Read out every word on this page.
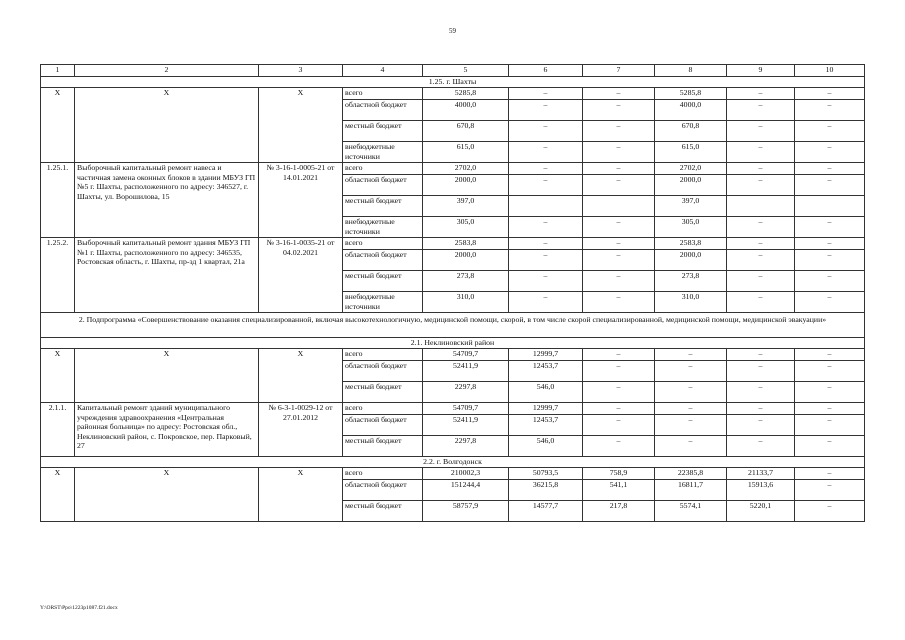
59
1	2	3	4	5	6	7	8	9	10
1.25. г. Шахты									
Х	Х	Х	всего	5285,8	–	–	5285,8	–	–
			областной бюджет	4000,0	–	–	4000,0	–	–
			местный бюджет	670,8	–	–	670,8	–	–
			внебюджетные источники	615,0	–	–	615,0	–	–
1.25.1.	Выборочный капитальный ремонт навеса и частичная замена оконных блоков в здании МБУЗ ГП №5 г. Шахты, расположенного по адресу: 346527, г. Шахты, ул. Ворошилова, 15	№ 3-16-1-0005-21 от 14.01.2021	всего	2702,0	–	–	2702,0	–	–
			областной бюджет	2000,0	–	–	2000,0	–	–
			местный бюджет	397,0			397,0		
			внебюджетные источники	305,0	–	–	305,0	–	–
1.25.2.	Выборочный капитальный ремонт здания МБУЗ ГП №1 г. Шахты, расположенного по адресу: 346535, Ростовская область, г. Шахты, пр-зд 1 квартал, 21а	№ 3-16-1-0035-21 от 04.02.2021	всего	2583,8	–	–	2583,8	–	–
			областной бюджет	2000,0	–	–	2000,0	–	–
			местный бюджет	273,8	–	–	273,8	–	–
			внебюджетные источники	310,0	–	–	310,0	–	–
2. Подпрограмма «Совершенствование оказания специализированной, включая высокотехнологичную, медицинской помощи, скорой, в том числе скорой специализированной, медицинской помощи, медицинской эвакуации»									
2.1. Неклиновский район									
Х	Х	Х	всего	54709,7	12999,7	–	–	–	–
			областной бюджет	52411,9	12453,7	–	–	–	–
			местный бюджет	2297,8	546,0	–	–	–	–
2.1.1.	Капитальный ремонт зданий муниципального учреждения здравоохранения «Центральная районная больница» по адресу: Ростовская обл., Неклиновский район, с. Покровское, пер. Парковый, 27	№ 6-3-1-0029-12 от 27.01.2012	всего	54709,7	12999,7	–	–	–	–
			областной бюджет	52411,9	12453,7	–	–	–	–
			местный бюджет	2297,8	546,0	–	–	–	–
2.2. г. Волгодонск									
Х	Х	Х	всего	210002,3	50793,5	758,9	22385,8	21133,7	–
			областной бюджет	151244,4	36215,8	541,1	16811,7	15913,6	–
			местный бюджет	58757,9	14577,7	217,8	5574,1	5220,1	–
Y:\ORST\Ppo\1223p1087.f21.docx
